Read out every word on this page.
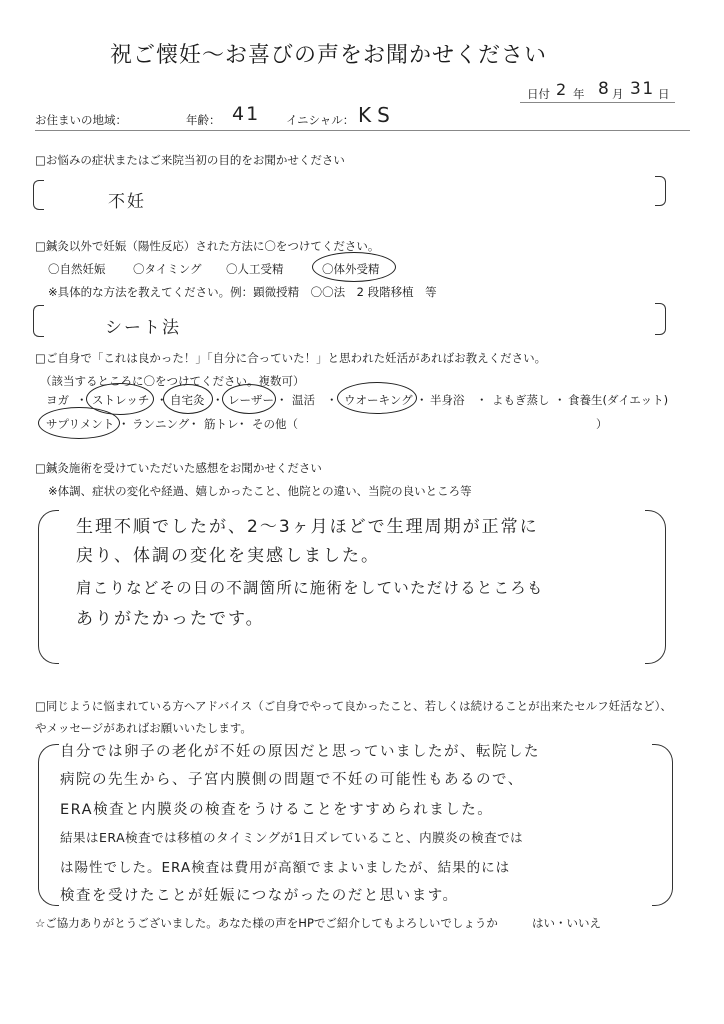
祝ご懐妊〜お喜びの声をお聞かせください
日付 2 年 8 月 31 日
お住まいの地域：	年齢： 41 イニシャル： KS
□お悩みの症状またはご来院当初の目的をお聞かせください
不妊
□鍼灸以外で妊娠（陽性反応）された方法に〇をつけてください。
〇自然妊娠 〇タイミング 〇人工受精	〇体外受精
※具体的な方法を教えてください。例：顕微授精　〇〇法　2 段階移植　等
シート法
□ご自身で「これは良かった！」「自分に合っていた！」と思われた妊活があればお教えください。
（該当するところに〇をつけてください。複数可）
ヨガ ・ ストレッチ ・ 自宅灸 ・ レーザー ・ 温活 ・ ウオーキング ・ 半身浴 ・ よもぎ蒸し ・ 食養生(ダイエット)
サプリメント ・ ランニング
・ 筋トレ
・ その他（	）
□鍼灸施術を受けていただいた感想をお聞かせください
※体調、症状の変化や経過、嬉しかったこと、他院との違い、当院の良いところ等
生理不順でしたが、2〜3ヶ月ほどで生理周期が正常に
戻り、体調の変化を実感しました。
肩こりなどその日の不調箇所に施術をしていただけるところも
ありがたかったです。
□同じように悩まれている方へアドバイス（ご自身でやって良かったこと、若しくは続けることが出来たセルフ妊活など）、
やメッセージがあればお願いいたします。
自分では卵子の老化が不妊の原因だと思っていましたが、転院した
病院の先生から、子宮内膜側の問題で不妊の可能性もあるので、
ERA検査と内膜炎の検査をうけることをすすめられました。
結果はERA検査では移植のタイミングが1日ズレていること、内膜炎の検査では
は陽性でした。ERA検査は費用が高額でまよいましたが、結果的には
検査を受けたことが妊娠につながったのだと思います。
☆ご協力ありがとうございました。あなた様の声をHPでご紹介してもよろしいでしょうか	はい・いいえ
